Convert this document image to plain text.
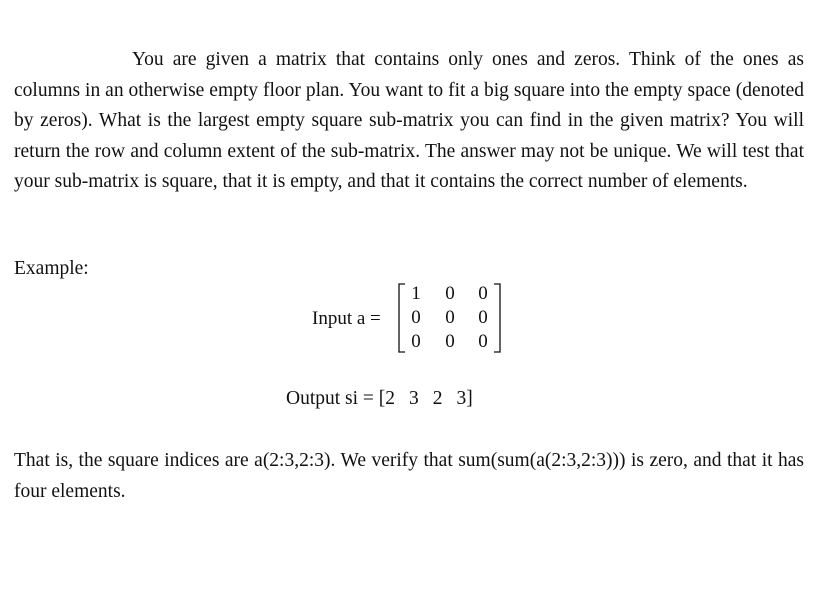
You are given a matrix that contains only ones and zeros. Think of the ones as columns in an otherwise empty floor plan. You want to fit a big square into the empty space (denoted by zeros). What is the largest empty square sub-matrix you can find in the given matrix? You will return the row and column extent of the sub-matrix. The answer may not be unique. We will test that your sub-matrix is square, that it is empty, and that it contains the correct number of elements.

Example:

Input a =
1 0 0
0 0 0
0 0 0
Output si = [2 3 2 3]

That is, the square indices are a(2:3,2:3). We verify that sum(sum(a(2:3,2:3))) is zero, and that it has four elements.
